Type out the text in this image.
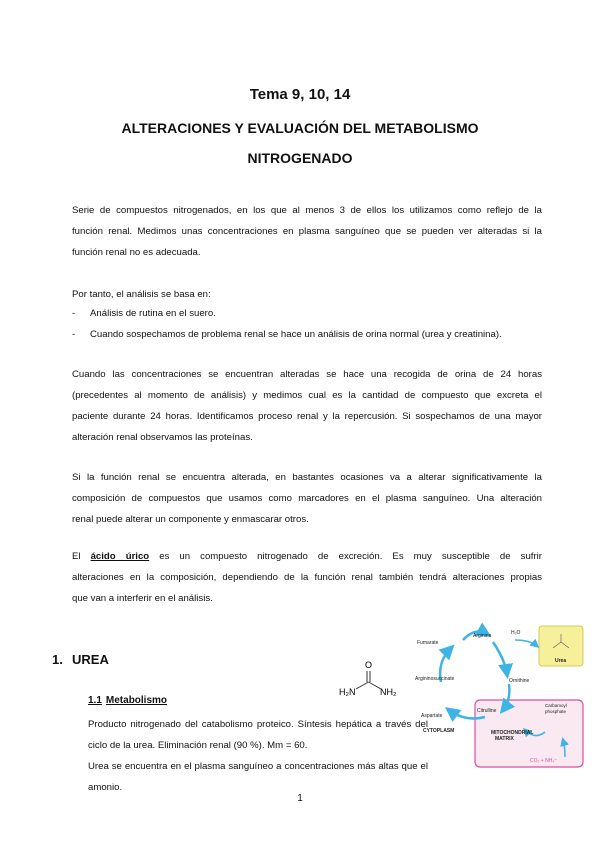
Tema 9, 10, 14
ALTERACIONES Y EVALUACIÓN DEL METABOLISMO
NITROGENADO
Serie de compuestos nitrogenados, en los que al menos 3 de ellos los utilizamos como reflejo de la
función renal. Medimos unas concentraciones en plasma sanguíneo que se pueden ver alteradas si la
función renal no es adecuada.
Por tanto, el análisis se basa en:
- Análisis de rutina en el suero.
- Cuando sospechamos de problema renal se hace un análisis de orina normal (urea y creatinina).
Cuando las concentraciones se encuentran alteradas se hace una recogida de orina de 24 horas
(precedentes al momento de análisis) y medimos cual es la cantidad de compuesto que excreta el
paciente durante 24 horas. Identificamos proceso renal y la repercusión. Si sospechamos de una mayor
alteración renal observamos las proteínas.
Si la función renal se encuentra alterada, en bastantes ocasiones va a alterar significativamente la
composición de compuestos que usamos como marcadores en el plasma sanguíneo. Una alteración
renal puede alterar un componente y enmascarar otros.
El ácido úrico es un compuesto nitrogenado de excreción. Es muy susceptible de sufrir
alteraciones en la composición, dependiendo de la función renal también tendrá alteraciones propias
que van a interferir en el análisis.
1. UREA
1.1 Metabolismo
Producto nitrogenado del catabolismo proteico. Síntesis hepática a través del
ciclo de la urea. Eliminación renal (90 %). Mm = 60.
Urea se encuentra en el plasma sanguíneo a concentraciones más altas que el
amonio.
O
H₂N	NH₂
Fumarate
Arginine	H₂O
Urea
Argininosuccinate	Ornithine
Aspartate
Citrulline
Carbamoyl
phosphate
CYTOPLASM	MITOCHONDRIAL
MATRIX
CO₂ + NH₄⁺
1
